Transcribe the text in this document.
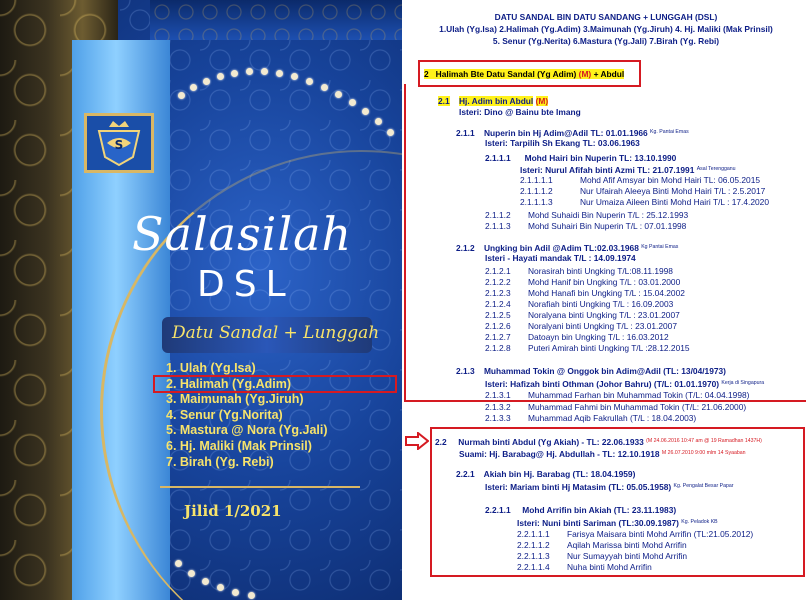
S
Salasilah
DSL
Datu Sandal + Lunggah
1. Ulah (Yg.Isa)
2. Halimah (Yg.Adim)
3. Maimunah (Yg.Jiruh)
4. Senur (Yg.Norita)
5. Mastura @ Nora (Yg.Jali)
6. Hj. Maliki (Mak Prinsil)
7. Birah (Yg. Rebi)
Jilid 1/2021
DATU SANDAL BIN DATU SANDANG + LUNGGAH (DSL)
1.Ulah (Yg.Isa) 2.Halimah (Yg.Adim) 3.Maimunah (Yg.Jiruh) 4. Hj. Maliki (Mak Prinsil)
5. Senur (Yg.Nerita) 6.Mastura (Yg.Jali) 7.Birah (Yg. Rebi)
2 Halimah Bte Datu Sandal (Yg Adim) (M) + Abdul
2.1 Hj. Adim bin Abdul (M)
Isteri: Dino @ Bainu bte Imang
2.1.1 Nuperin bin Hj Adim@Adil TL: 01.01.1966 $^{Kg. Pantai Emas}$
Isteri: Tarpilih Sh Ekang TL: 03.06.1963
2.1.1.1 Mohd Hairi bin Nuperin TL: 13.10.1990
Isteri: Nurul Afifah binti Azmi TL: 21.07.1991 $^{Asal Terengganu}$
2.1.1.1.1	Mohd Afif Amsyar bin Mohd Hairi TL: 06.05.2015
2.1.1.1.2	Nur Ufairah Aleeya Binti Mohd Hairi T/L : 2.5.2017
2.1.1.1.3	Nur Umaiza Aileen Binti Mohd Hairi T/L : 17.4.2020
2.1.1.2 Mohd Suhaidi Bin Nuperin T/L : 25.12.1993
2.1.1.3 Mohd Suhairi Bin Nuperin T/L : 07.01.1998
2.1.2 Ungking bin Adil @Adim TL:02.03.1968 $^{Kg Pantai Emas}$
Isteri - Hayati mandak T/L : 14.09.1974
2.1.2.1 Norasirah binti Ungking T/L:08.11.1998
2.1.2.2 Mohd Hanif bin Ungking T/L : 03.01.2000
2.1.2.3 Mohd Hanafi bin Ungking T/L : 15.04.2002
2.1.2.4 Norafiah binti Ungking T/L : 16.09.2003
2.1.2.5 Noralyana binti Ungking T/L : 23.01.2007
2.1.2.6 Noralyani binti Ungking T/L : 23.01.2007
2.1.2.7 Datoayn bin Ungking T/L : 16.03.2012
2.1.2.8 Puteri Amirah binti Ungking T/L :28.12.2015
2.1.3 Muhammad Tokin @ Onggok bin Adim@Adil (TL: 13/04/1973)
Isteri: Hafizah binti Othman (Johor Bahru) (T/L: 01.01.1970) $^{Kerja di Singapura}$
2.1.3.1 Muhammad Farhan bin Muhammad Tokin (T/L: 04.04.1998)
2.1.3.2 Muhammad Fahmi bin Muhammad Tokin (T/L: 21.06.2000)
2.1.3.3 Muhammad Aqib Fakrullah (T/L : 18.04.2003)
2.2 Nurmah binti Abdul (Yg Akiah) - TL: 22.06.1933 $^{(M 24.06.2016 10:47 am @ 19 Ramadhan 1437H)}$
Suami: Hj. Barabag@ Hj. Abdullah - TL: 12.10.1918 $^{M 26.07.2010 9:00 mlm 14 Syaaban}$
2.2.1 Akiah bin Hj. Barabag (TL: 18.04.1959)
Isteri: Mariam binti Hj Matasim (TL: 05.05.1958) $^{Kg. Pengalat Besar Papar}$
2.2.1.1 Mohd Arrifin bin Akiah (TL: 23.11.1983)
Isteri: Nuni binti Sariman (TL:30.09.1987) $^{Kg. Peladok KB}$
2.2.1.1.1 Farisya Maisara binti Mohd Arrifin (TL:21.05.2012)
2.2.1.1.2 Aqilah Marissa binti Mohd Arrifin
2.2.1.1.3 Nur Sumayyah binti Mohd Arrifin
2.2.1.1.4 Nuha binti Mohd Arrifin
